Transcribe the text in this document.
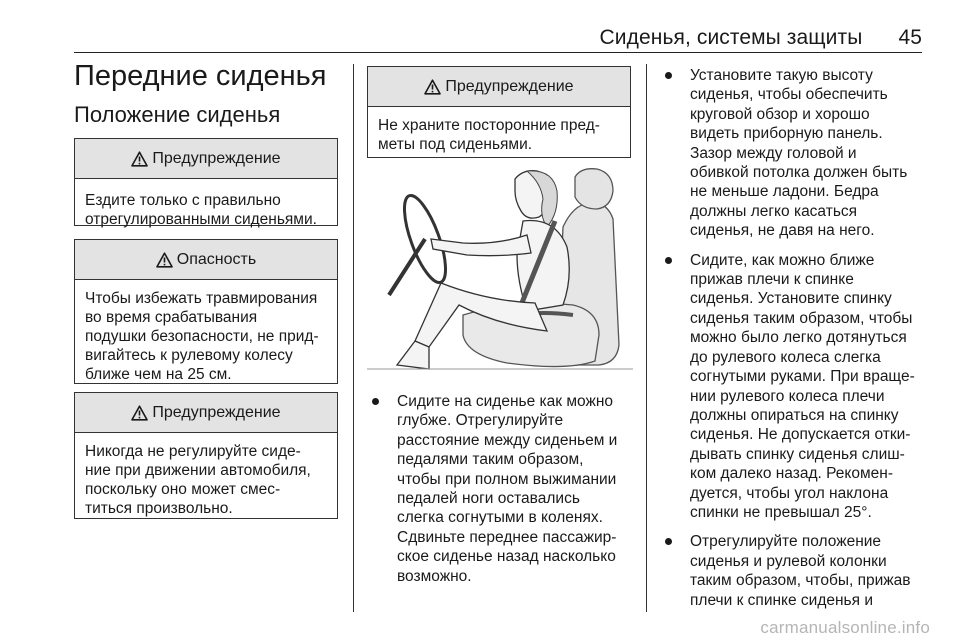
Сиденья, системы защиты 45
Передние сиденья
Положение сиденья
Предупреждение
Ездите только с правильно
отрегулированными сиденьями.
Опасность
Чтобы избежать травмирования
во время срабатывания
подушки безопасности, не прид-
вигайтесь к рулевому колесу
ближе чем на 25 см.
Предупреждение
Никогда не регулируйте сиде-
ние при движении автомобиля,
поскольку оно может смес-
титься произвольно.
Предупреждение
Не храните посторонние пред-
меты под сиденьями.
Сидите на сиденье как можно
глубже. Отрегулируйте
расстояние между сиденьем и
педалями таким образом,
чтобы при полном выжимании
педалей ноги оставались
слегка согнутыми в коленях.
Сдвиньте переднее пассажир-
ское сиденье назад насколько
возможно.
Установите такую высоту
сиденья, чтобы обеспечить
круговой обзор и хорошо
видеть приборную панель.
Зазор между головой и
обивкой потолка должен быть
не меньше ладони. Бедра
должны легко касаться
сиденья, не давя на него.
Сидите, как можно ближе
прижав плечи к спинке
сиденья. Установите спинку
сиденья таким образом, чтобы
можно было легко дотянуться
до рулевого колеса слегка
согнутыми руками. При враще-
нии рулевого колеса плечи
должны опираться на спинку
сиденья. Не допускается отки-
дывать спинку сиденья слиш-
ком далеко назад. Рекомен-
дуется, чтобы угол наклона
спинки не превышал 25°.
Отрегулируйте положение
сиденья и рулевой колонки
таким образом, чтобы, прижав
плечи к спинке сиденья и
carmanualsonline.info
